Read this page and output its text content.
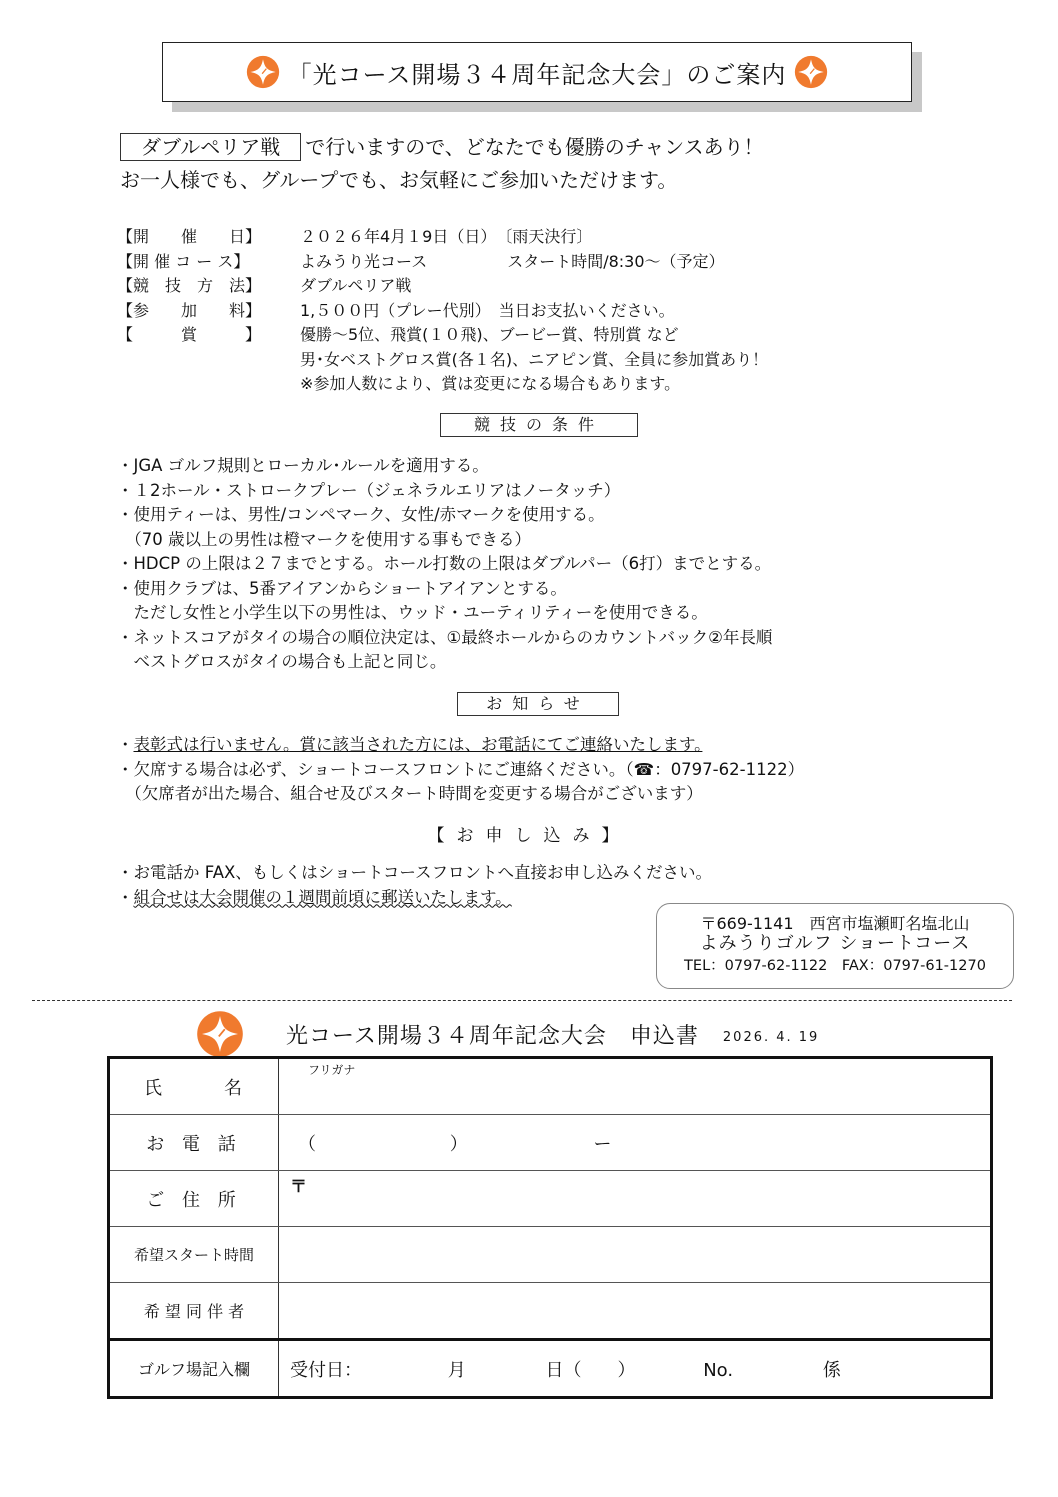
「光コース開場３４周年記念大会」のご案内
ダブルペリア戦 で行いますので、どなたでも優勝のチャンスあり！
お一人様でも、グループでも、お気軽にご参加いただけます。
【開　　催　　日】	２０２６年4月１9日（日）　〔雨天決行〕
【開 催 コ ー ス】	よみうり光コース　　　　　スタート時間/8:30～（予定）
【競　技　方　法】	ダブルペリア戦
【参　　加　　料】	1,５００円（プレー代別）　当日お支払いください。
【　　　賞　　　】	優勝～5位、飛賞(１０飛)、ブービー賞、特別賞 など
男･女ベストグロス賞(各１名)、ニアピン賞、全員に参加賞あり！
※参加人数により、賞は変更になる場合もあります。
競技の条件
・JGA ゴルフ規則とローカル･ルールを適用する。
・１2ホール・ストロークプレー（ジェネラルエリアはノータッチ）
・使用ティーは、男性/コンペマーク、女性/赤マークを使用する。
　（70 歳以上の男性は橙マークを使用する事もできる）
・HDCP の上限は２７までとする。ホール打数の上限はダブルパー（6打）までとする。
・使用クラブは、5番アイアンからショートアイアンとする。
　ただし女性と小学生以下の男性は、ウッド・ユーティリティーを使用できる。
・ネットスコアがタイの場合の順位決定は、①最終ホールからのカウントバック②年長順
　ベストグロスがタイの場合も上記と同じ。
お知らせ
・表彰式は行いません。賞に該当された方には、お電話にてご連絡いたします。　
・欠席する場合は必ず、ショートコースフロントにご連絡ください。（☎：0797-62-1122）
　（欠席者が出た場合、組合せ及びスタート時間を変更する場合がございます）
【お申し込み】
・お電話か FAX、もしくはショートコースフロントへ直接お申し込みください。
・組合せは大会開催の１週間前頃に郵送いたします。
〒669-1141　西宮市塩瀬町名塩北山
よみうりゴルフ ショートコース
TEL：0797-62-1122　FAX：0797-61-1270
光コース開場３４周年記念大会　申込書 2026. 4. 19
氏　　　名	フリガナ
お 電 話	（ ） ー
ご 住 所	〒
希望スタート時間	
希 望 同 伴 者	
ゴルフ場記入欄	受付日： 月 日（　　） No. 係
